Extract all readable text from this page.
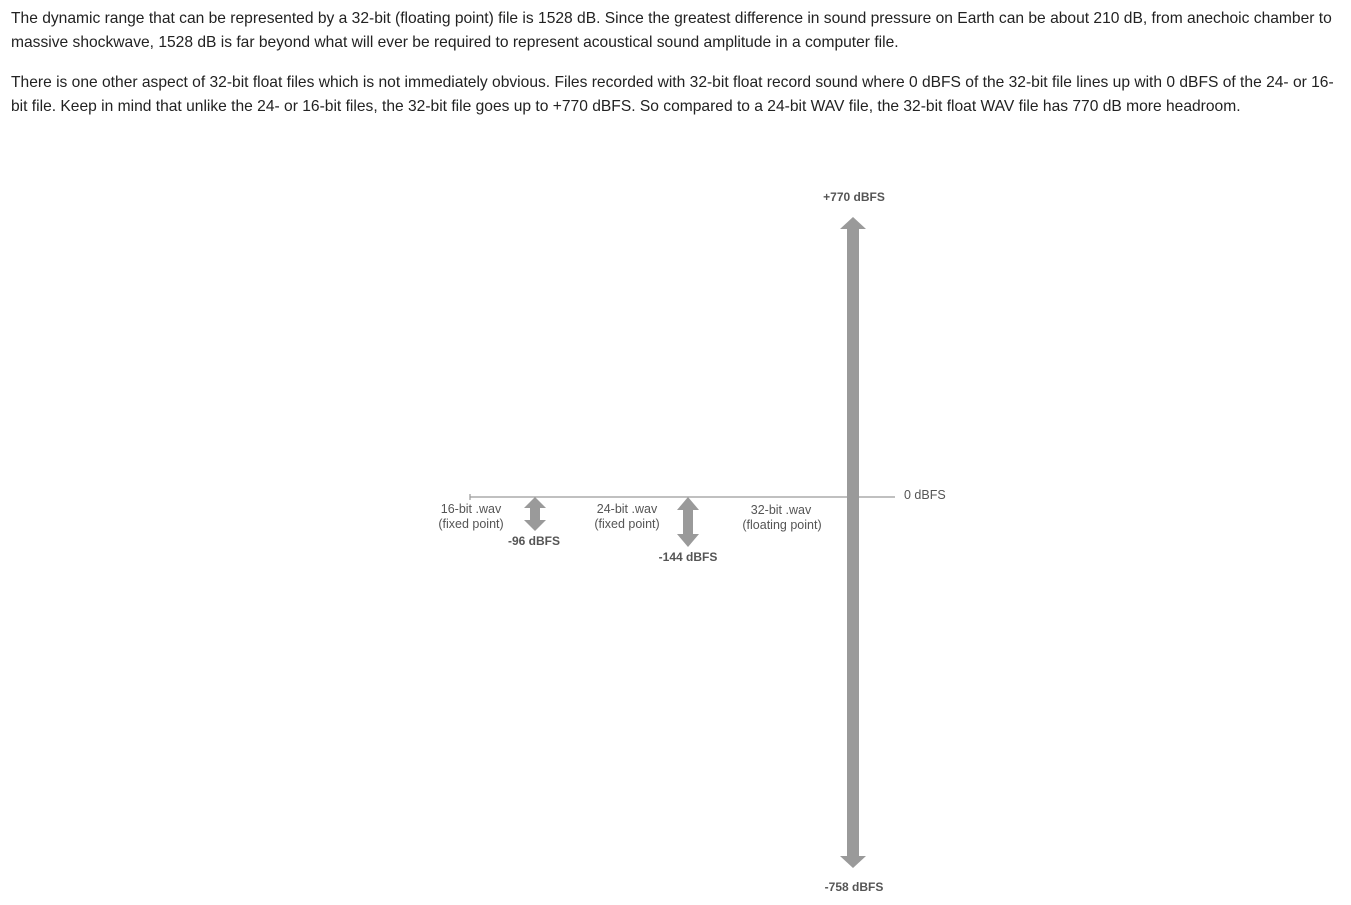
The dynamic range that can be represented by a 32-bit (floating point) file is 1528 dB. Since the greatest difference in sound pressure on Earth can be about 210 dB, from anechoic chamber to massive shockwave, 1528 dB is far beyond what will ever be required to represent acoustical sound amplitude in a computer file.

There is one other aspect of 32-bit float files which is not immediately obvious. Files recorded with 32-bit float record sound where 0 dBFS of the 32-bit file lines up with 0 dBFS of the 24- or 16-bit file. Keep in mind that unlike the 24- or 16-bit files, the 32-bit file goes up to +770 dBFS. So compared to a 24-bit WAV file, the 32-bit float WAV file has 770 dB more headroom.

0 dBFS
16-bit .wav
(fixed point)
-96 dBFS
24-bit .wav
(fixed point)
-144 dBFS
32-bit .wav
(floating point)
+770 dBFS
-758 dBFS
